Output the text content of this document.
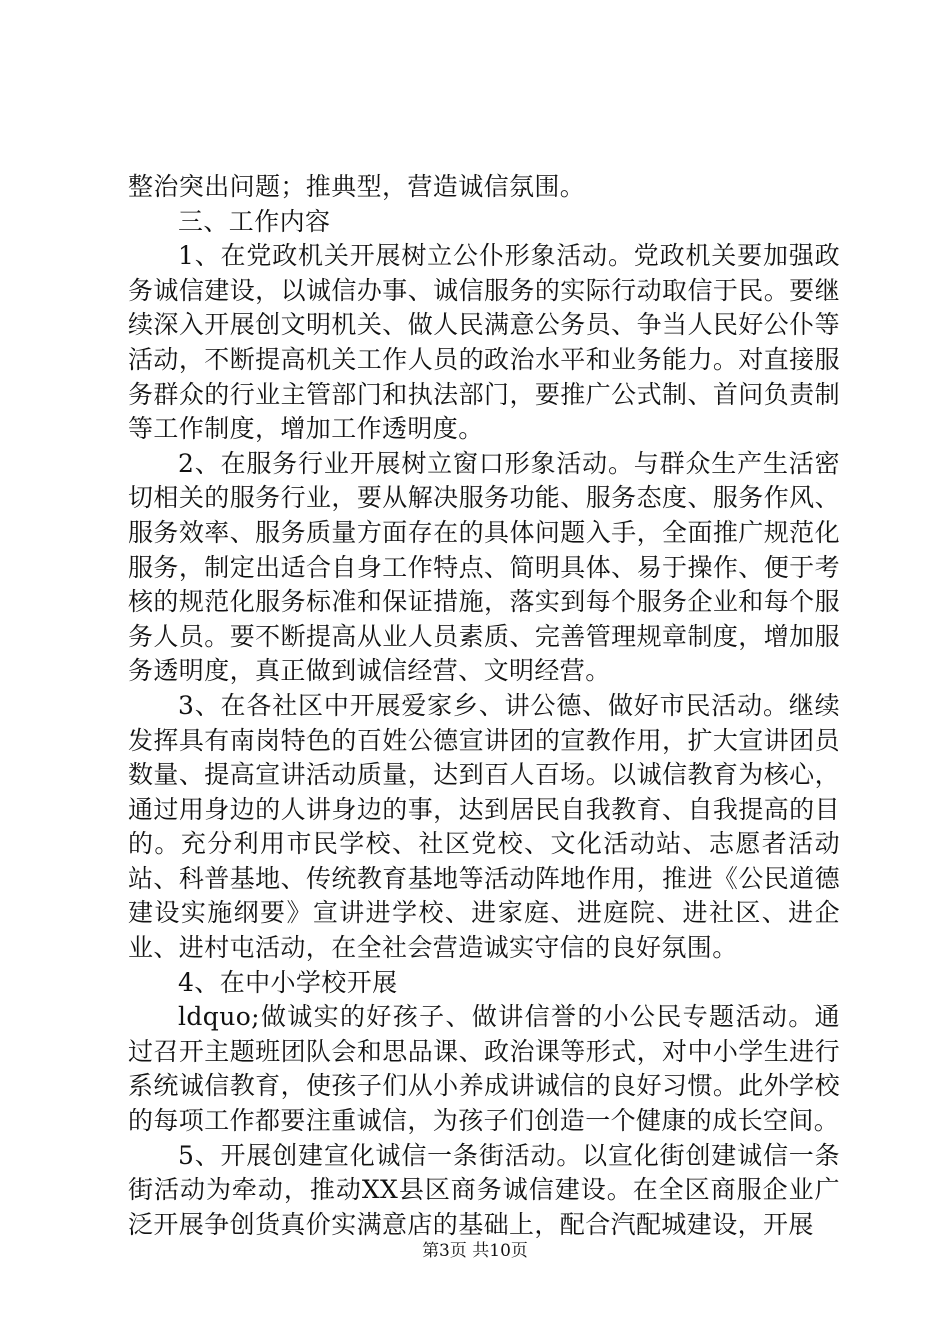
整治突出问题；推典型，营造诚信氛围。

三、工作内容

1、在党政机关开展树立公仆形象活动。党政机关要加强政务诚信建设，以诚信办事、诚信服务的实际行动取信于民。要继续深入开展创文明机关、做人民满意公务员、争当人民好公仆等活动，不断提高机关工作人员的政治水平和业务能力。对直接服务群众的行业主管部门和执法部门，要推广公式制、首问负责制等工作制度，增加工作透明度。

2、在服务行业开展树立窗口形象活动。与群众生产生活密切相关的服务行业，要从解决服务功能、服务态度、服务作风、服务效率、服务质量方面存在的具体问题入手，全面推广规范化服务，制定出适合自身工作特点、简明具体、易于操作、便于考核的规范化服务标准和保证措施，落实到每个服务企业和每个服务人员。要不断提高从业人员素质、完善管理规章制度，增加服务透明度，真正做到诚信经营、文明经营。

3、在各社区中开展爱家乡、讲公德、做好市民活动。继续发挥具有南岗特色的百姓公德宣讲团的宣教作用，扩大宣讲团员数量、提高宣讲活动质量，达到百人百场。以诚信教育为核心，通过用身边的人讲身边的事，达到居民自我教育、自我提高的目的。充分利用市民学校、社区党校、文化活动站、志愿者活动站、科普基地、传统教育基地等活动阵地作用，推进《公民道德建设实施纲要》宣讲进学校、进家庭、进庭院、进社区、进企业、进村屯活动，在全社会营造诚实守信的良好氛围。

4、在中小学校开展

ldquo;做诚实的好孩子、做讲信誉的小公民专题活动。通过召开主题班团队会和思品课、政治课等形式，对中小学生进行系统诚信教育，使孩子们从小养成讲诚信的良好习惯。此外学校的每项工作都要注重诚信，为孩子们创造一个健康的成长空间。

5、开展创建宣化诚信一条街活动。以宣化街创建诚信一条街活动为牵动，推动XX县区商务诚信建设。在全区商服企业广泛开展争创货真价实满意店的基础上，配合汽配城建设，开展

第3页 共10页
